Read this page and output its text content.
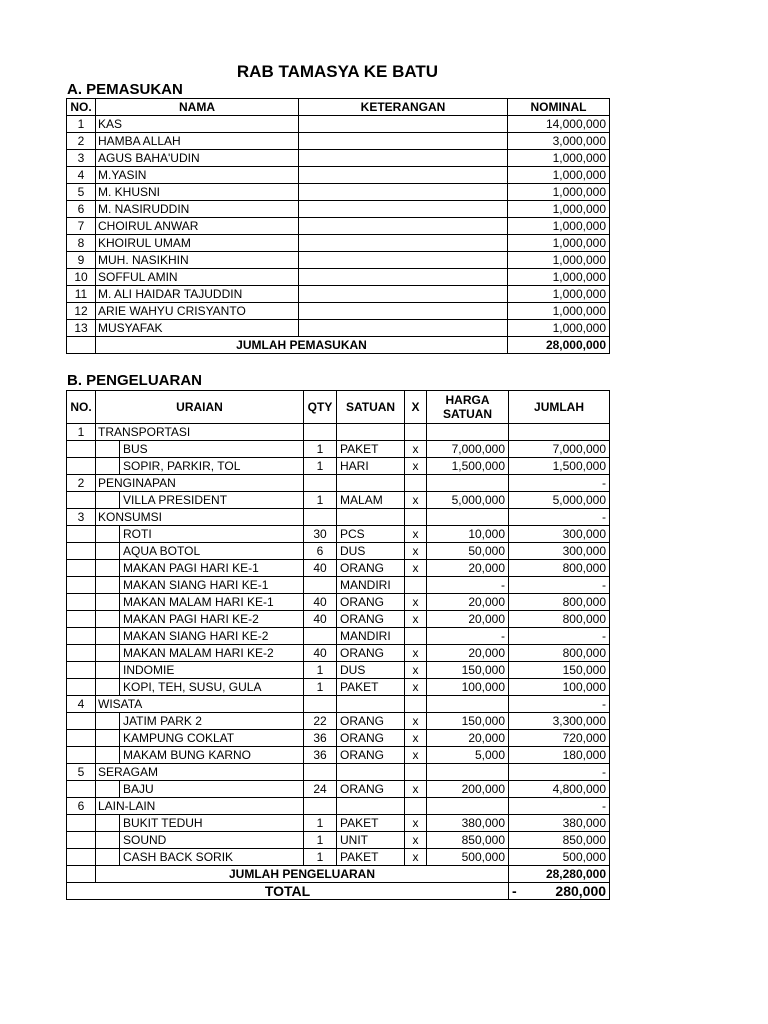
RAB TAMASYA KE BATU
A. PEMASUKAN
NO.	NAMA	KETERANGAN	NOMINAL
1	KAS		14,000,000
2	HAMBA ALLAH		3,000,000
3	AGUS BAHA'UDIN		1,000,000
4	M.YASIN		1,000,000
5	M. KHUSNI		1,000,000
6	M. NASIRUDDIN		1,000,000
7	CHOIRUL ANWAR		1,000,000
8	KHOIRUL UMAM		1,000,000
9	MUH. NASIKHIN		1,000,000
10	SOFFUL AMIN		1,000,000
11	M. ALI HAIDAR TAJUDDIN		1,000,000
12	ARIE WAHYU CRISYANTO		1,000,000
13	MUSYAFAK		1,000,000
	JUMLAH PEMASUKAN		28,000,000
B. PENGELUARAN
NO.	URAIAN		QTY	SATUAN	X	HARGA SATUAN	JUMLAH
1	TRANSPORTASI						
		BUS	1	PAKET	x	7,000,000	7,000,000
		SOPIR, PARKIR, TOL	1	HARI	x	1,500,000	1,500,000
2	PENGINAPAN						-
		VILLA PRESIDENT	1	MALAM	x	5,000,000	5,000,000
3	KONSUMSI						-
		ROTI	30	PCS	x	10,000	300,000
		AQUA BOTOL	6	DUS	x	50,000	300,000
		MAKAN PAGI HARI KE-1	40	ORANG	x	20,000	800,000
		MAKAN SIANG HARI KE-1		MANDIRI		-	-
		MAKAN MALAM HARI KE-1	40	ORANG	x	20,000	800,000
		MAKAN PAGI HARI KE-2	40	ORANG	x	20,000	800,000
		MAKAN SIANG HARI KE-2		MANDIRI		-	-
		MAKAN MALAM HARI KE-2	40	ORANG	x	20,000	800,000
		INDOMIE	1	DUS	x	150,000	150,000
		KOPI, TEH, SUSU, GULA	1	PAKET	x	100,000	100,000
4	WISATA						-
		JATIM PARK 2	22	ORANG	x	150,000	3,300,000
		KAMPUNG COKLAT	36	ORANG	x	20,000	720,000
		MAKAM BUNG KARNO	36	ORANG	x	5,000	180,000
5	SERAGAM						-
		BAJU	24	ORANG	x	200,000	4,800,000
6	LAIN-LAIN						-
		BUKIT TEDUH	1	PAKET	x	380,000	380,000
		SOUND	1	UNIT	x	850,000	850,000
		CASH BACK SORIK	1	PAKET	x	500,000	500,000
	JUMLAH PENGELUARAN						28,280,000
TOTAL							- 280,000
